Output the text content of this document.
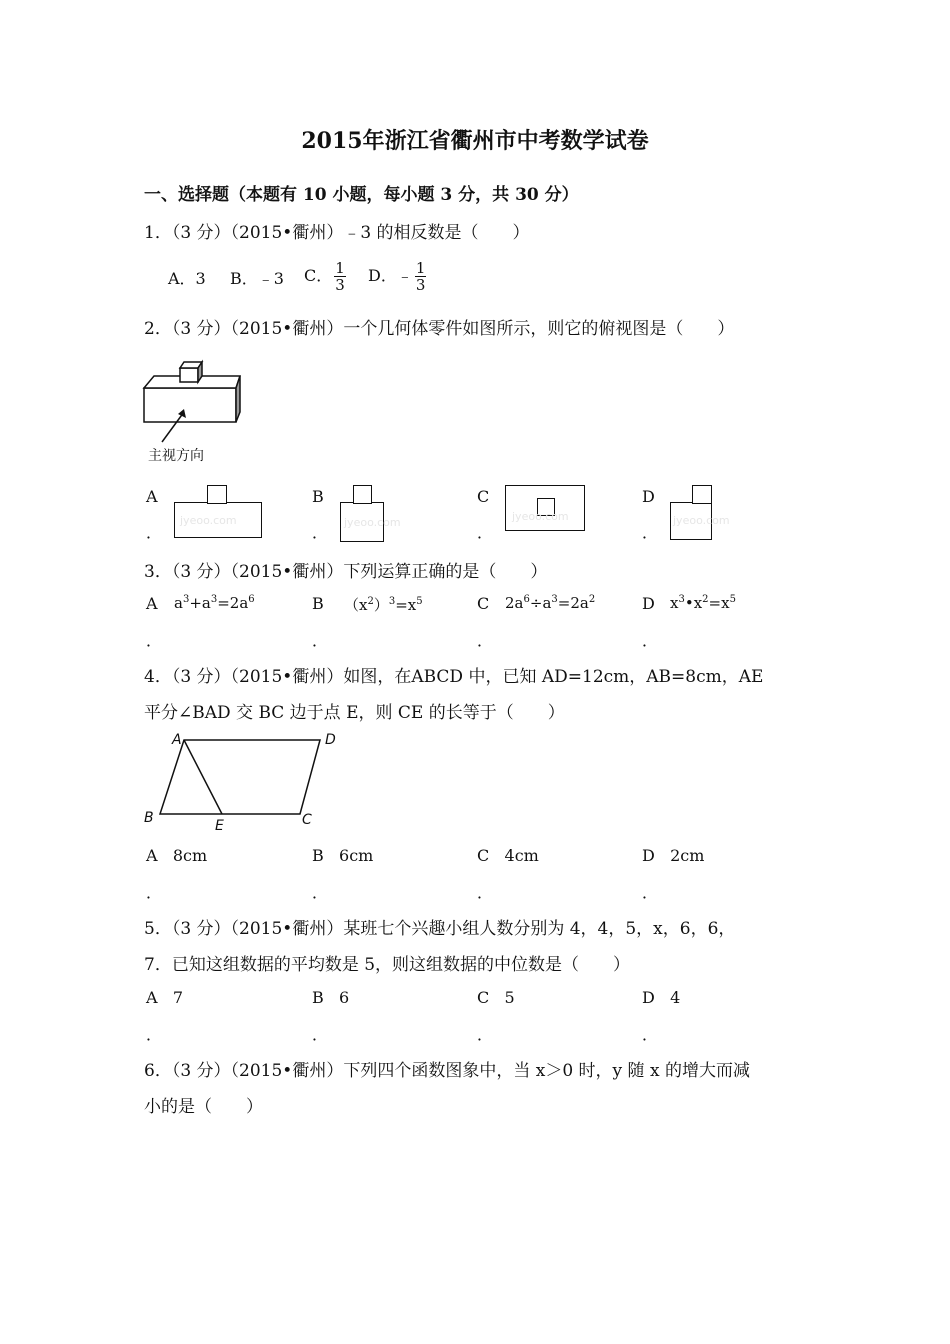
2015年浙江省衢州市中考数学试卷
一、选择题（本题有 10 小题，每小题 3 分，共 30 分）
1．（3 分）（2015•衢州）﹣3 的相反数是（　　）
A．3 B．﹣3 C． $\frac{1}{3}$ D．﹣ $\frac{1}{3}$
2．（3 分）（2015•衢州）一个几何体零件如图所示，则它的俯视图是（　　）
主视方向
A
．
jyeoo.com
B
．
jyeoo.com
C
．
jyeoo.com
D
．
jyeoo.com
3．（3 分）（2015•衢州）下列运算正确的是（　　）
A $a^3+a^3=2a^6$
．
B $(x^2)^3=x^5$
．
C $2a^6\div a^3=2a^2$
．
D $x^3•x^2=x^5$
．
4．（3 分）（2015•衢州）如图，在ABCD 中，已知 AD=12cm，AB=8cm，AE
平分∠BAD 交 BC 边于点 E，则 CE 的长等于（　　）
A	D
B	E	C
A 8cm
．
B 6cm
．
C 4cm
．
D 2cm
．
5．（3 分）（2015•衢州）某班七个兴趣小组人数分别为 4，4，5，x，6，6，
7．已知这组数据的平均数是 5，则这组数据的中位数是（　　）
A 7
．
B 6
．
C 5
．
D 4
．
6．（3 分）（2015•衢州）下列四个函数图象中，当 x＞0 时，y 随 x 的增大而减
小的是（　　）
